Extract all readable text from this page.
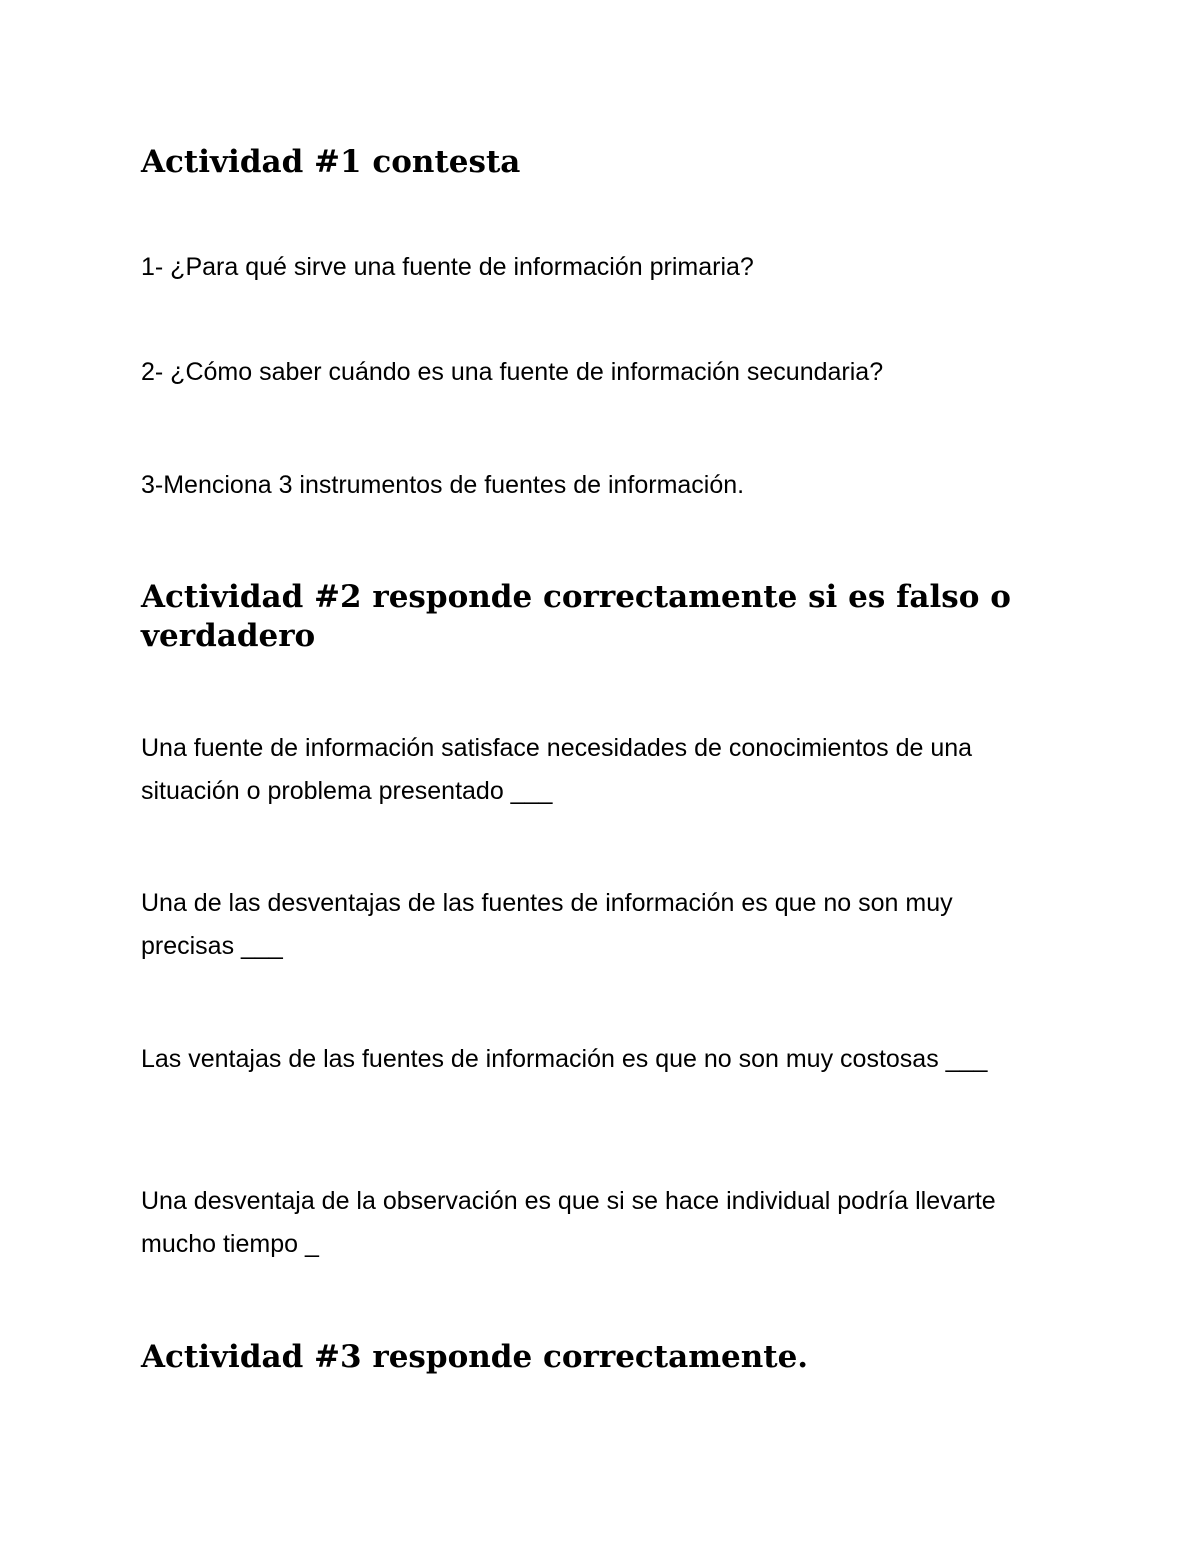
Actividad #1 contesta

1- ¿Para qué sirve una fuente de información primaria?

2- ¿Cómo saber cuándo es una fuente de información secundaria?

3-Menciona 3 instrumentos de fuentes de información.

Actividad #2 responde correctamente si es falso o verdadero

Una fuente de información satisface necesidades de conocimientos de una situación o problema presentado ___

Una de las desventajas de las fuentes de información es que no son muy precisas ___

Las ventajas de las fuentes de información es que no son muy costosas ___

Una desventaja de la observación es que si se hace individual podría llevarte mucho tiempo _

Actividad #3 responde correctamente.
